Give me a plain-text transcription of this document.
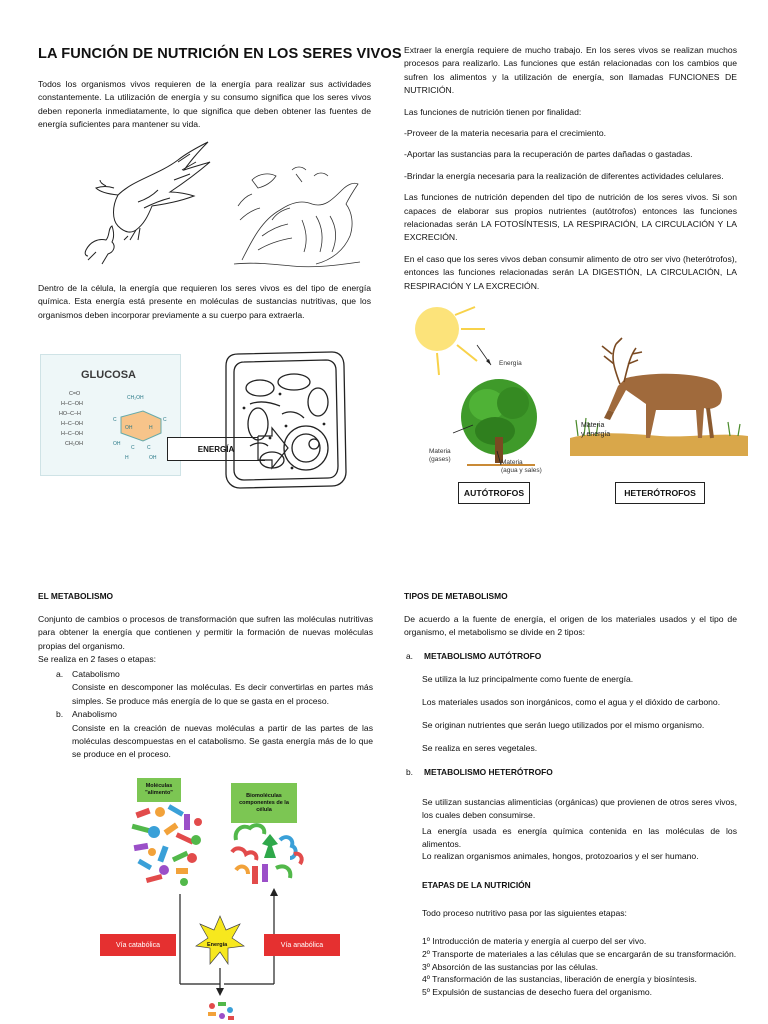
LA FUNCIÓN DE NUTRICIÓN EN LOS SERES VIVOS

Todos los organismos vivos requieren de la energía para realizar sus actividades constantemente. La utilización de energía y su consumo significa que los seres vivos deben reponerla inmediatamente, lo que significa que deben obtener las fuentes de energía suficientes para mantener su vida.

Dentro de la célula, la energía que requieren los seres vivos es del tipo de energía química. Esta energía está presente en moléculas de sustancias nutritivas, que los organismos deben incorporar previamente a su cuerpo para extraerla.

GLUCOSA
C=O
H–C–OH
HO–C–H
H–C–OH
H–C–OH
CH₂OH
CH₂OH
C	C
OH	H
OH
C C
H	OH
ENERGÍA

Extraer la energía requiere de mucho trabajo. En los seres vivos se realizan muchos procesos para realizarlo. Las funciones que están relacionadas con los cambios que sufren los alimentos y la utilización de energía, son llamadas FUNCIONES DE NUTRICIÓN.

Las funciones de nutrición tienen por finalidad:

-Proveer de la materia necesaria para el crecimiento.

-Aportar las sustancias para la recuperación de partes dañadas o gastadas.

-Brindar la energía necesaria para la realización de diferentes actividades celulares.

Las funciones de nutrición dependen del tipo de nutrición de los seres vivos. Si son capaces de elaborar sus propios nutrientes (autótrofos) entonces las funciones relacionadas serán LA FOTOSÍNTESIS, LA RESPIRACIÓN, LA CIRCULACIÓN Y LA EXCRECIÓN.

En el caso que los seres vivos deban consumir alimento de otro ser vivo (heterótrofos), entonces las funciones relacionadas serán LA DIGESTIÓN, LA CIRCULACIÓN, LA RESPIRACIÓN Y LA EXCRECIÓN.

Energía
Materia
(gases)	Materia
(agua y sales)
Materia
y energía
AUTÓTROFOS	HETERÓTROFOS
EL METABOLISMO

Conjunto de cambios o procesos de transformación que sufren las moléculas nutritivas para obtener la energía que contienen y permitir la formación de nuevas moléculas propias del organismo.

Se realiza en 2 fases o etapas:

a.	Catabolismo

Consiste en descomponer las moléculas. Es decir convertirlas en partes más simples. Se produce más energía de lo que se gasta en el proceso.

b.	Anabolismo

Consiste en la creación de nuevas moléculas a partir de las partes de las moléculas descompuestas en el catabolismo. Se gasta energía más de lo que se produce en el proceso.

Moléculas "alimento"	Biomoléculas componentes de la célula
Energía
Vía catabólica	Vía anabólica
TIPOS DE METABOLISMO

De acuerdo a la fuente de energía, el origen de los materiales usados y el tipo de organismo, el metabolismo se divide en 2 tipos:

a.	METABOLISMO AUTÓTROFO

Se utiliza la luz principalmente como fuente de energía.

Los materiales usados son inorgánicos, como el agua y el dióxido de carbono.

Se originan nutrientes que serán luego utilizados por el mismo organismo.

Se realiza en seres vegetales.

b.	METABOLISMO HETERÓTROFO

Se utilizan sustancias alimenticias (orgánicas) que provienen de otros seres vivos, los cuales deben consumirse.

La energía usada es energía química contenida en las moléculas de los alimentos.

Lo realizan organismos animales, hongos, protozoarios y el ser humano.

ETAPAS DE LA NUTRICIÓN
Todo proceso nutritivo pasa por las siguientes etapas:

1º Introducción de materia y energía al cuerpo del ser vivo.

2º Transporte de materiales a las células que se encargarán de su transformación.

3º Absorción de las sustancias por las células.

4º Transformación de las sustancias, liberación de energía y biosíntesis.

5º Expulsión de sustancias de desecho fuera del organismo.
